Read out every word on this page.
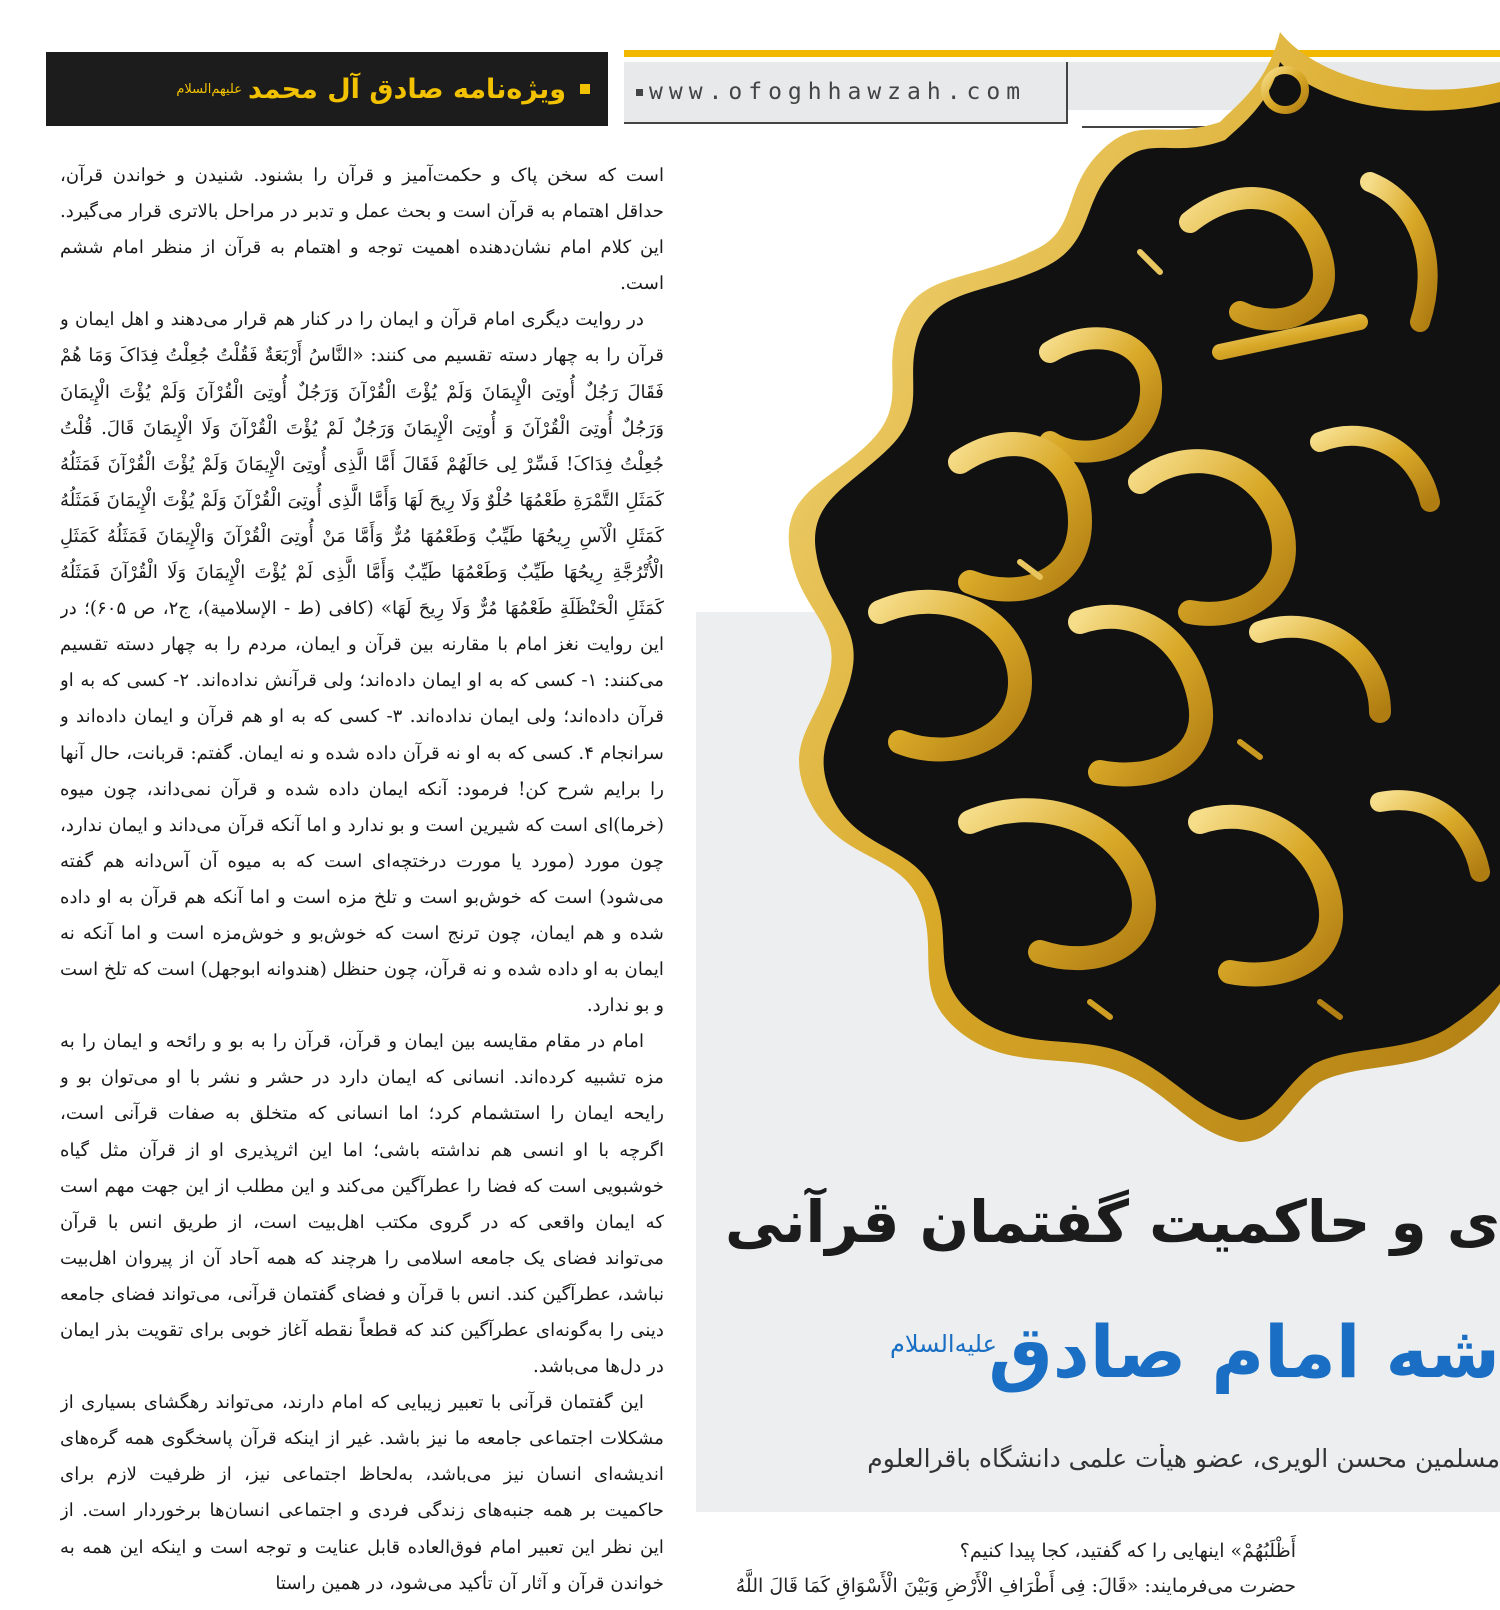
ویژه‌نامه صادق آل محمد
علیهم‌السلام	www.ofoghhawzah.com

است که سخن پاک و حکمت‌آمیز و قرآن را بشنود. شنیدن و خواندن قرآن، حداقل اهتمام به قرآن است و بحث عمل و تدبر در مراحل بالاتری قرار می‌گیرد. این کلام امام نشان‌دهنده اهمیت توجه و اهتمام به قرآن از منظر امام ششم است.

در روایت دیگری امام قرآن و ایمان را در کنار هم قرار می‌دهند و اهل ایمان و قرآن را به چهار دسته تقسیم می کنند: «النَّاسُ أَرْبَعَةٌ فَقُلْتُ جُعِلْتُ فِدَاکَ وَمَا هُمْ فَقَالَ رَجُلٌ أُوتِیَ الْإِیمَانَ وَلَمْ یُؤْتَ الْقُرْآنَ وَرَجُلٌ أُوتِیَ الْقُرْآنَ وَلَمْ یُؤْتَ الْإِیمَانَ وَرَجُلٌ أُوتِیَ الْقُرْآنَ وَ أُوتِیَ الْإِیمَانَ وَرَجُلٌ لَمْ یُؤْتَ الْقُرْآنَ وَلَا الْإِیمَانَ قَالَ. قُلْتُ جُعِلْتُ فِدَاکَ! فَسِّرْ لِی حَالَهُمْ فَقَالَ أَمَّا الَّذِی أُوتِیَ الْإِیمَانَ وَلَمْ یُؤْتَ الْقُرْآنَ فَمَثَلُهُ کَمَثَلِ التَّمْرَةِ طَعْمُهَا حُلْوٌ وَلَا رِیحَ لَهَا وَأَمَّا الَّذِی أُوتِیَ الْقُرْآنَ وَلَمْ یُؤْتَ الْإِیمَانَ فَمَثَلُهُ کَمَثَلِ الْآسِ رِیحُهَا طَیِّبٌ وَطَعْمُهَا مُرٌّ وَأَمَّا مَنْ أُوتِیَ الْقُرْآنَ وَالْإِیمَانَ فَمَثَلُهُ کَمَثَلِ الْأُتْرُجَّةِ رِیحُهَا طَیِّبٌ وَطَعْمُهَا طَیِّبٌ وَأَمَّا الَّذِی لَمْ یُؤْتَ الْإِیمَانَ وَلَا الْقُرْآنَ فَمَثَلُهُ کَمَثَلِ الْحَنْظَلَةِ طَعْمُهَا مُرٌّ وَلَا رِیحَ لَهَا» (کافی (ط - الإسلامیة)، ج۲، ص ۶۰۵)؛ در این روایت نغز امام با مقارنه بین قرآن و ایمان، مردم را به چهار دسته تقسیم می‌کنند: ۱- کسی که به او ایمان داده‌اند؛ ولی قرآنش نداده‌اند. ۲- کسی که به او قرآن داده‌اند؛ ولی ایمان نداده‌اند. ۳- کسی که به او هم قرآن و ایمان داده‌اند و سرانجام ۴. کسی که به او نه قرآن داده شده و نه ایمان. گفتم: قربانت، حال آنها را برایم شرح کن! فرمود: آنکه ایمان داده شده و قرآن نمی‌داند، چون میوه (خرما)ای است که شیرین است و بو ندارد و اما آنکه قرآن می‌داند و ایمان ندارد، چون مورد (مورد یا مورت درختچه‌ای است که به میوه آن آس‌دانه هم گفته می‌شود) است که خوش‌بو است و تلخ مزه است و اما آنکه هم قرآن به او داده شده و هم ایمان، چون ترنج است که خوش‌بو و خوش‌مزه است و اما آنکه نه ایمان به او داده شده و نه قرآن، چون حنظل (هندوانه ابوجهل) است که تلخ است و بو ندارد.

امام در مقام مقایسه بین ایمان و قرآن، قرآن را به بو و رائحه و ایمان را به مزه تشبیه کرده‌اند. انسانی که ایمان دارد در حشر و نشر با او می‌توان بو و رایحه ایمان را استشمام کرد؛ اما انسانی که متخلق به صفات قرآنی است، اگرچه با او انسی هم نداشته باشی؛ اما این اثرپذیری او از قرآن مثل گیاه خوشبویی است که فضا را عطرآگین می‌کند و این مطلب از این جهت مهم است که ایمان واقعی که در گروی مکتب اهل‌بیت است، از طریق انس با قرآن می‌تواند فضای یک جامعه اسلامی را هرچند که همه آحاد آن از پیروان اهل‌بیت نباشد، عطرآگین کند. انس با قرآن و فضای گفتمان قرآنی، می‌تواند فضای جامعه دینی را به‌گونه‌ای عطرآگین کند که قطعاً نقطه آغاز خوبی برای تقویت بذر ایمان در دل‌ها می‌باشد.

این گفتمان قرآنی با تعبیر زیبایی که امام دارند، می‌تواند رهگشای بسیاری از مشکلات اجتماعی جامعه ما نیز باشد. غیر از اینکه قرآن پاسخگوی همه گره‌های اندیشه‌ای انسان نیز می‌باشد، به‌لحاظ اجتماعی نیز، از ظرفیت لازم برای حاکمیت بر همه جنبه‌های زندگی فردی و اجتماعی انسان‌ها برخوردار است. از این نظر این تعبیر امام فوق‌العاده قابل عنایت و توجه است و اینکه این همه به خواندن قرآن و آثار آن تأکید می‌شود، در همین راستا

ی و حاکمیت گفتمان قرآنی
شه امام صادق
علیه‌السلام
مسلمین محسن الویری، عضو هیأت علمی دانشگاه باقرالعلوم

أَظْلَبُهُمْ» اینهایی را که گفتید، کجا پیدا کنیم؟

حضرت می‌فرمایند: «قَالَ: فِی أَطْرَافِ الْأَرْضِ وَبَیْنَ الْأَسْوَاقِ کَمَا قَالَ اللَّهُ
